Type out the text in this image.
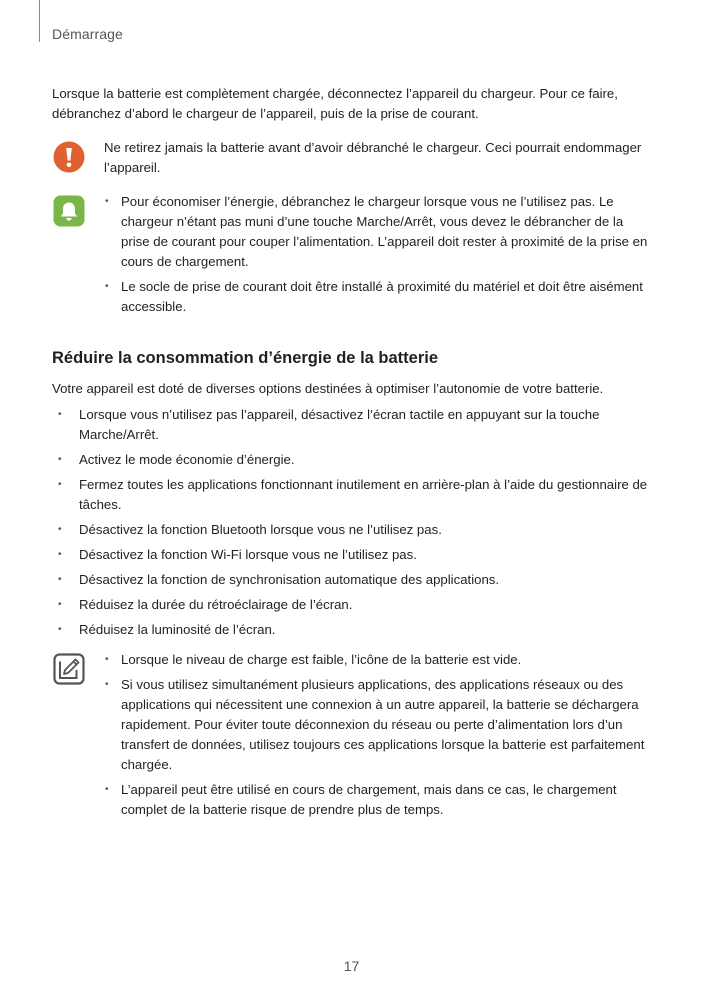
Démarrage

Lorsque la batterie est complètement chargée, déconnectez l’appareil du chargeur. Pour ce faire, débranchez d’abord le chargeur de l’appareil, puis de la prise de courant.

Ne retirez jamais la batterie avant d’avoir débranché le chargeur. Ceci pourrait endommager l’appareil.

• Pour économiser l’énergie, débranchez le chargeur lorsque vous ne l’utilisez pas. Le chargeur n’étant pas muni d’une touche Marche/Arrêt, vous devez le débrancher de la prise de courant pour couper l’alimentation. L’appareil doit rester à proximité de la prise en cours de chargement.
• Le socle de prise de courant doit être installé à proximité du matériel et doit être aisément accessible.
Réduire la consommation d’énergie de la batterie

Votre appareil est doté de diverses options destinées à optimiser l’autonomie de votre batterie.

• Lorsque vous n’utilisez pas l’appareil, désactivez l’écran tactile en appuyant sur la touche Marche/Arrêt.
• Activez le mode économie d’énergie.
• Fermez toutes les applications fonctionnant inutilement en arrière-plan à l’aide du gestionnaire de tâches.
• Désactivez la fonction Bluetooth lorsque vous ne l’utilisez pas.
• Désactivez la fonction Wi-Fi lorsque vous ne l’utilisez pas.
• Désactivez la fonction de synchronisation automatique des applications.
• Réduisez la durée du rétroéclairage de l’écran.
• Réduisez la luminosité de l’écran.
• Lorsque le niveau de charge est faible, l’icône de la batterie est vide.
• Si vous utilisez simultanément plusieurs applications, des applications réseaux ou des applications qui nécessitent une connexion à un autre appareil, la batterie se déchargera rapidement. Pour éviter toute déconnexion du réseau ou perte d’alimentation lors d’un transfert de données, utilisez toujours ces applications lorsque la batterie est parfaitement chargée.
• L’appareil peut être utilisé en cours de chargement, mais dans ce cas, le chargement complet de la batterie risque de prendre plus de temps.
17
